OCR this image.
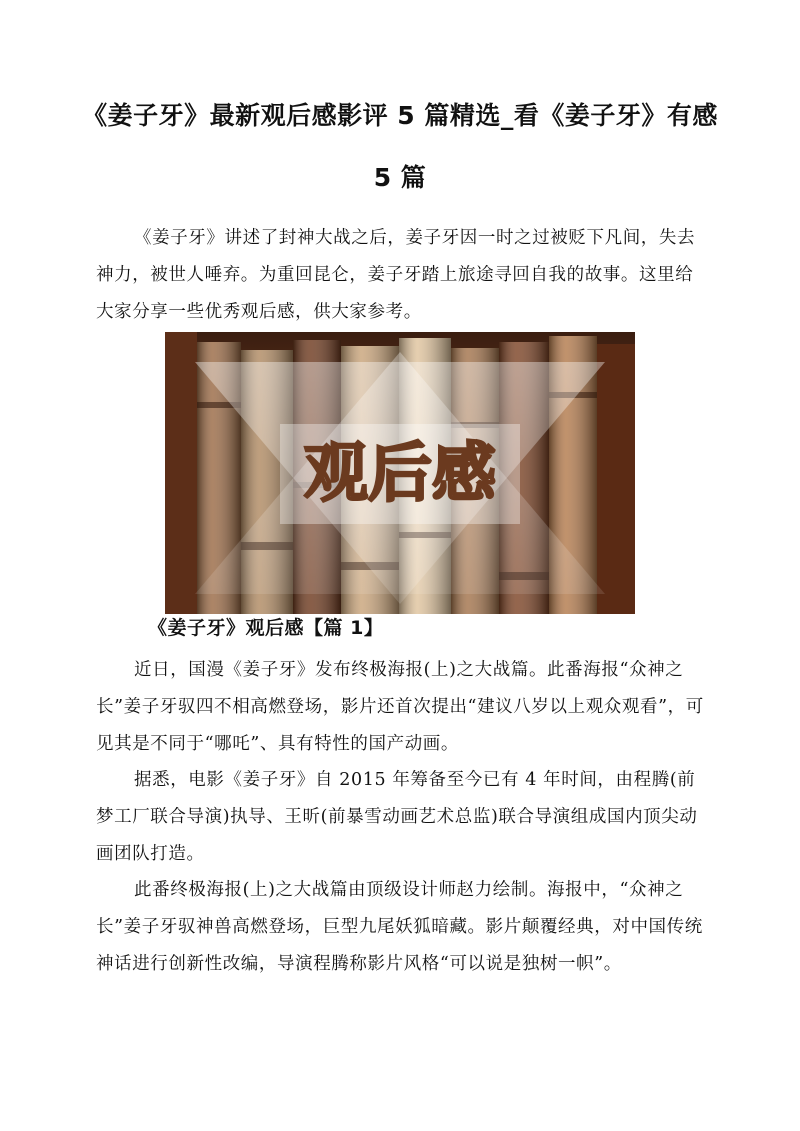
《姜子牙》最新观后感影评 5 篇精选_看《姜子牙》有感
5 篇

《姜子牙》讲述了封神大战之后，姜子牙因一时之过被贬下凡间，失去神力，被世人唾弃。为重回昆仑，姜子牙踏上旅途寻回自我的故事。这里给大家分享一些优秀观后感，供大家参考。

观后感
《姜子牙》观后感【篇 1】

近日，国漫《姜子牙》发布终极海报(上)之大战篇。此番海报“众神之长”姜子牙驭四不相高燃登场，影片还首次提出“建议八岁以上观众观看”，可见其是不同于“哪吒”、具有特性的国产动画。

据悉，电影《姜子牙》自 2015 年筹备至今已有 4 年时间，由程腾(前梦工厂联合导演)执导、王昕(前暴雪动画艺术总监)联合导演组成国内顶尖动画团队打造。

此番终极海报(上)之大战篇由顶级设计师赵力绘制。海报中，“众神之长”姜子牙驭神兽高燃登场，巨型九尾妖狐暗藏。影片颠覆经典，对中国传统神话进行创新性改编，导演程腾称影片风格“可以说是独树一帜”。
